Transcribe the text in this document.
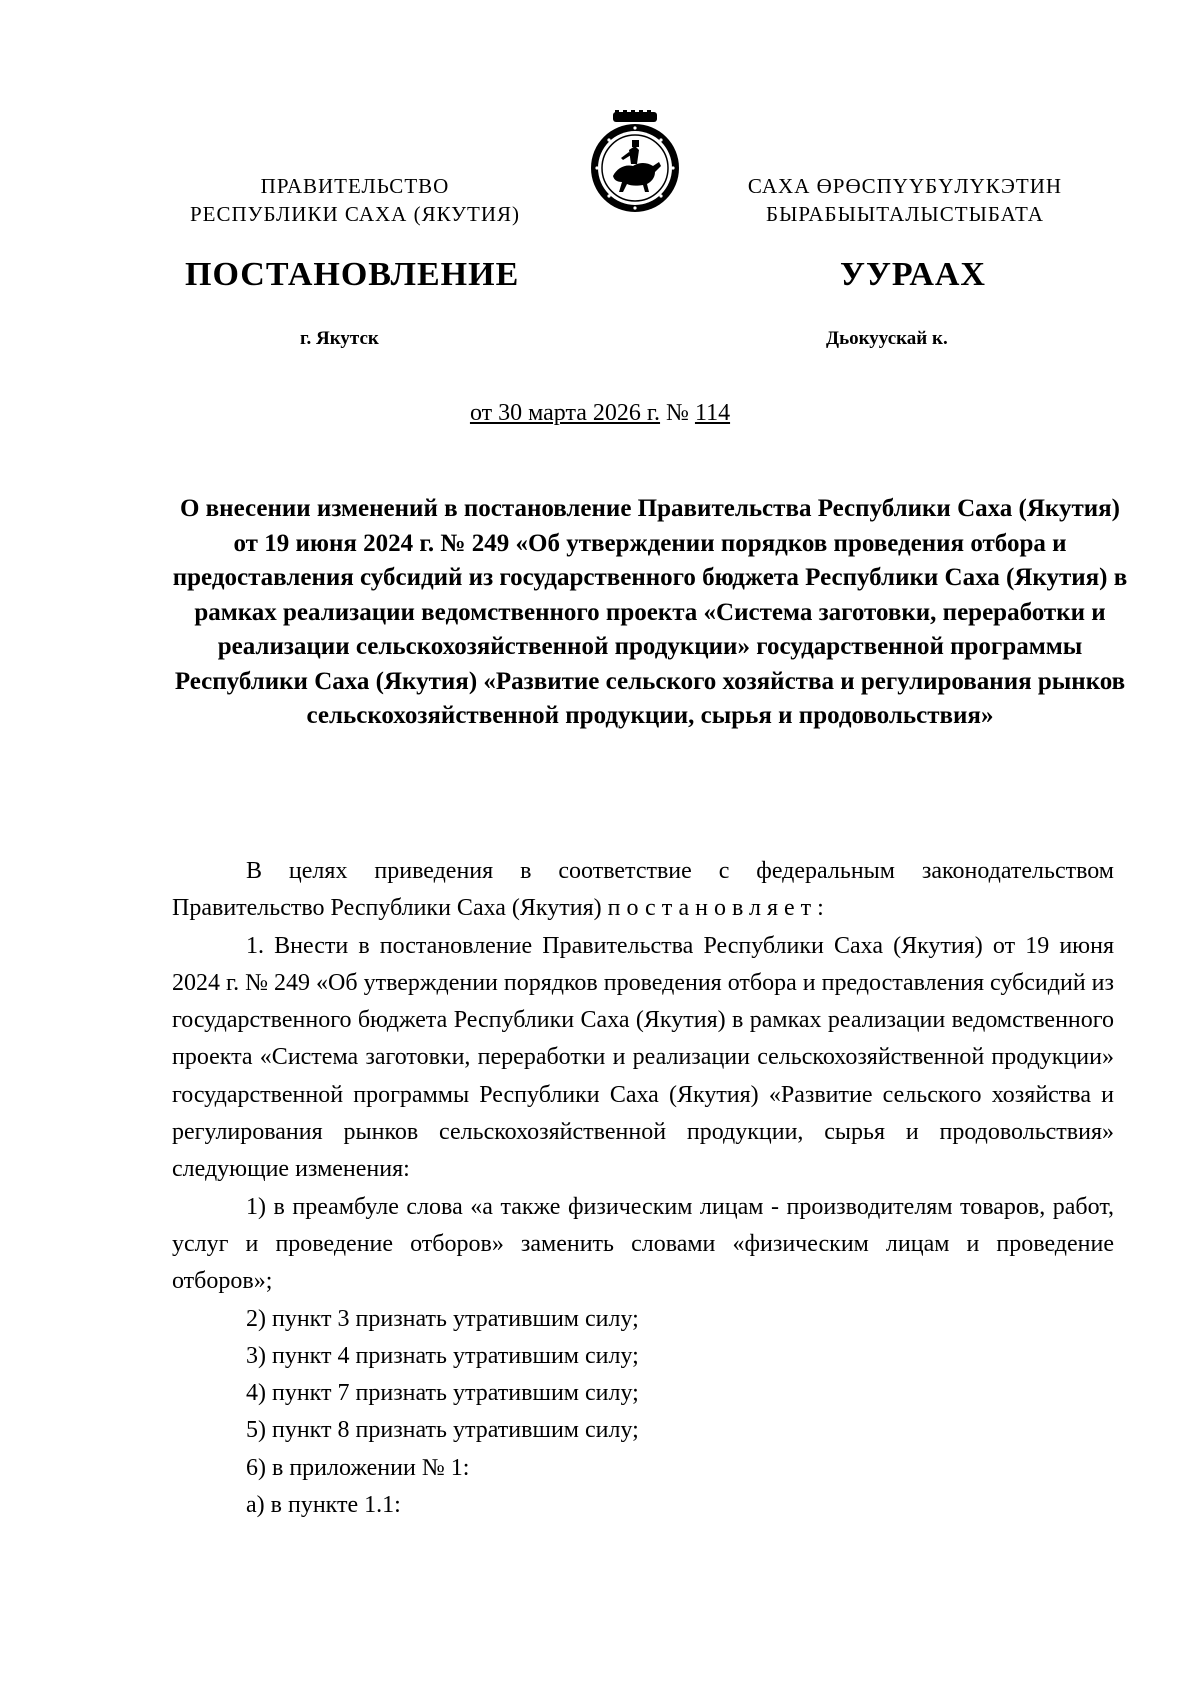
ПРАВИТЕЛЬСТВО
РЕСПУБЛИКИ САХА (ЯКУТИЯ)
САХА ӨРӨСПҮҮБҮЛҮКЭТИН
БЫРАБЫЫТАЛЫСТЫБАТА
ПОСТАНОВЛЕНИЕ	УУРААХ
г. Якутск	Дьокуускай к.
от 30 марта 2026 г. № 114
О внесении изменений в постановление Правительства Республики Саха (Якутия) от 19 июня 2024 г. № 249 «Об утверждении порядков проведения отбора и предоставления субсидий из государственного бюджета Республики Саха (Якутия) в рамках реализации ведомственного проекта «Система заготовки, переработки и реализации сельскохозяйственной продукции» государственной программы Республики Саха (Якутия) «Развитие сельского хозяйства и регулирования рынков сельскохозяйственной продукции, сырья и продовольствия»

В целях приведения в соответствие с федеральным законодательством Правительство Республики Саха (Якутия) постановляет:

1. Внести в постановление Правительства Республики Саха (Якутия) от 19 июня 2024 г. № 249 «Об утверждении порядков проведения отбора и предоставления субсидий из государственного бюджета Республики Саха (Якутия) в рамках реализации ведомственного проекта «Система заготовки, переработки и реализации сельскохозяйственной продукции» государственной программы Республики Саха (Якутия) «Развитие сельского хозяйства и регулирования рынков сельскохозяйственной продукции, сырья и продовольствия» следующие изменения:

1) в преамбуле слова «а также физическим лицам - производителям товаров, работ, услуг и проведение отборов» заменить словами «физическим лицам и проведение отборов»;

2) пункт 3 признать утратившим силу;

3) пункт 4 признать утратившим силу;

4) пункт 7 признать утратившим силу;

5) пункт 8 признать утратившим силу;

6) в приложении № 1:

а) в пункте 1.1:
